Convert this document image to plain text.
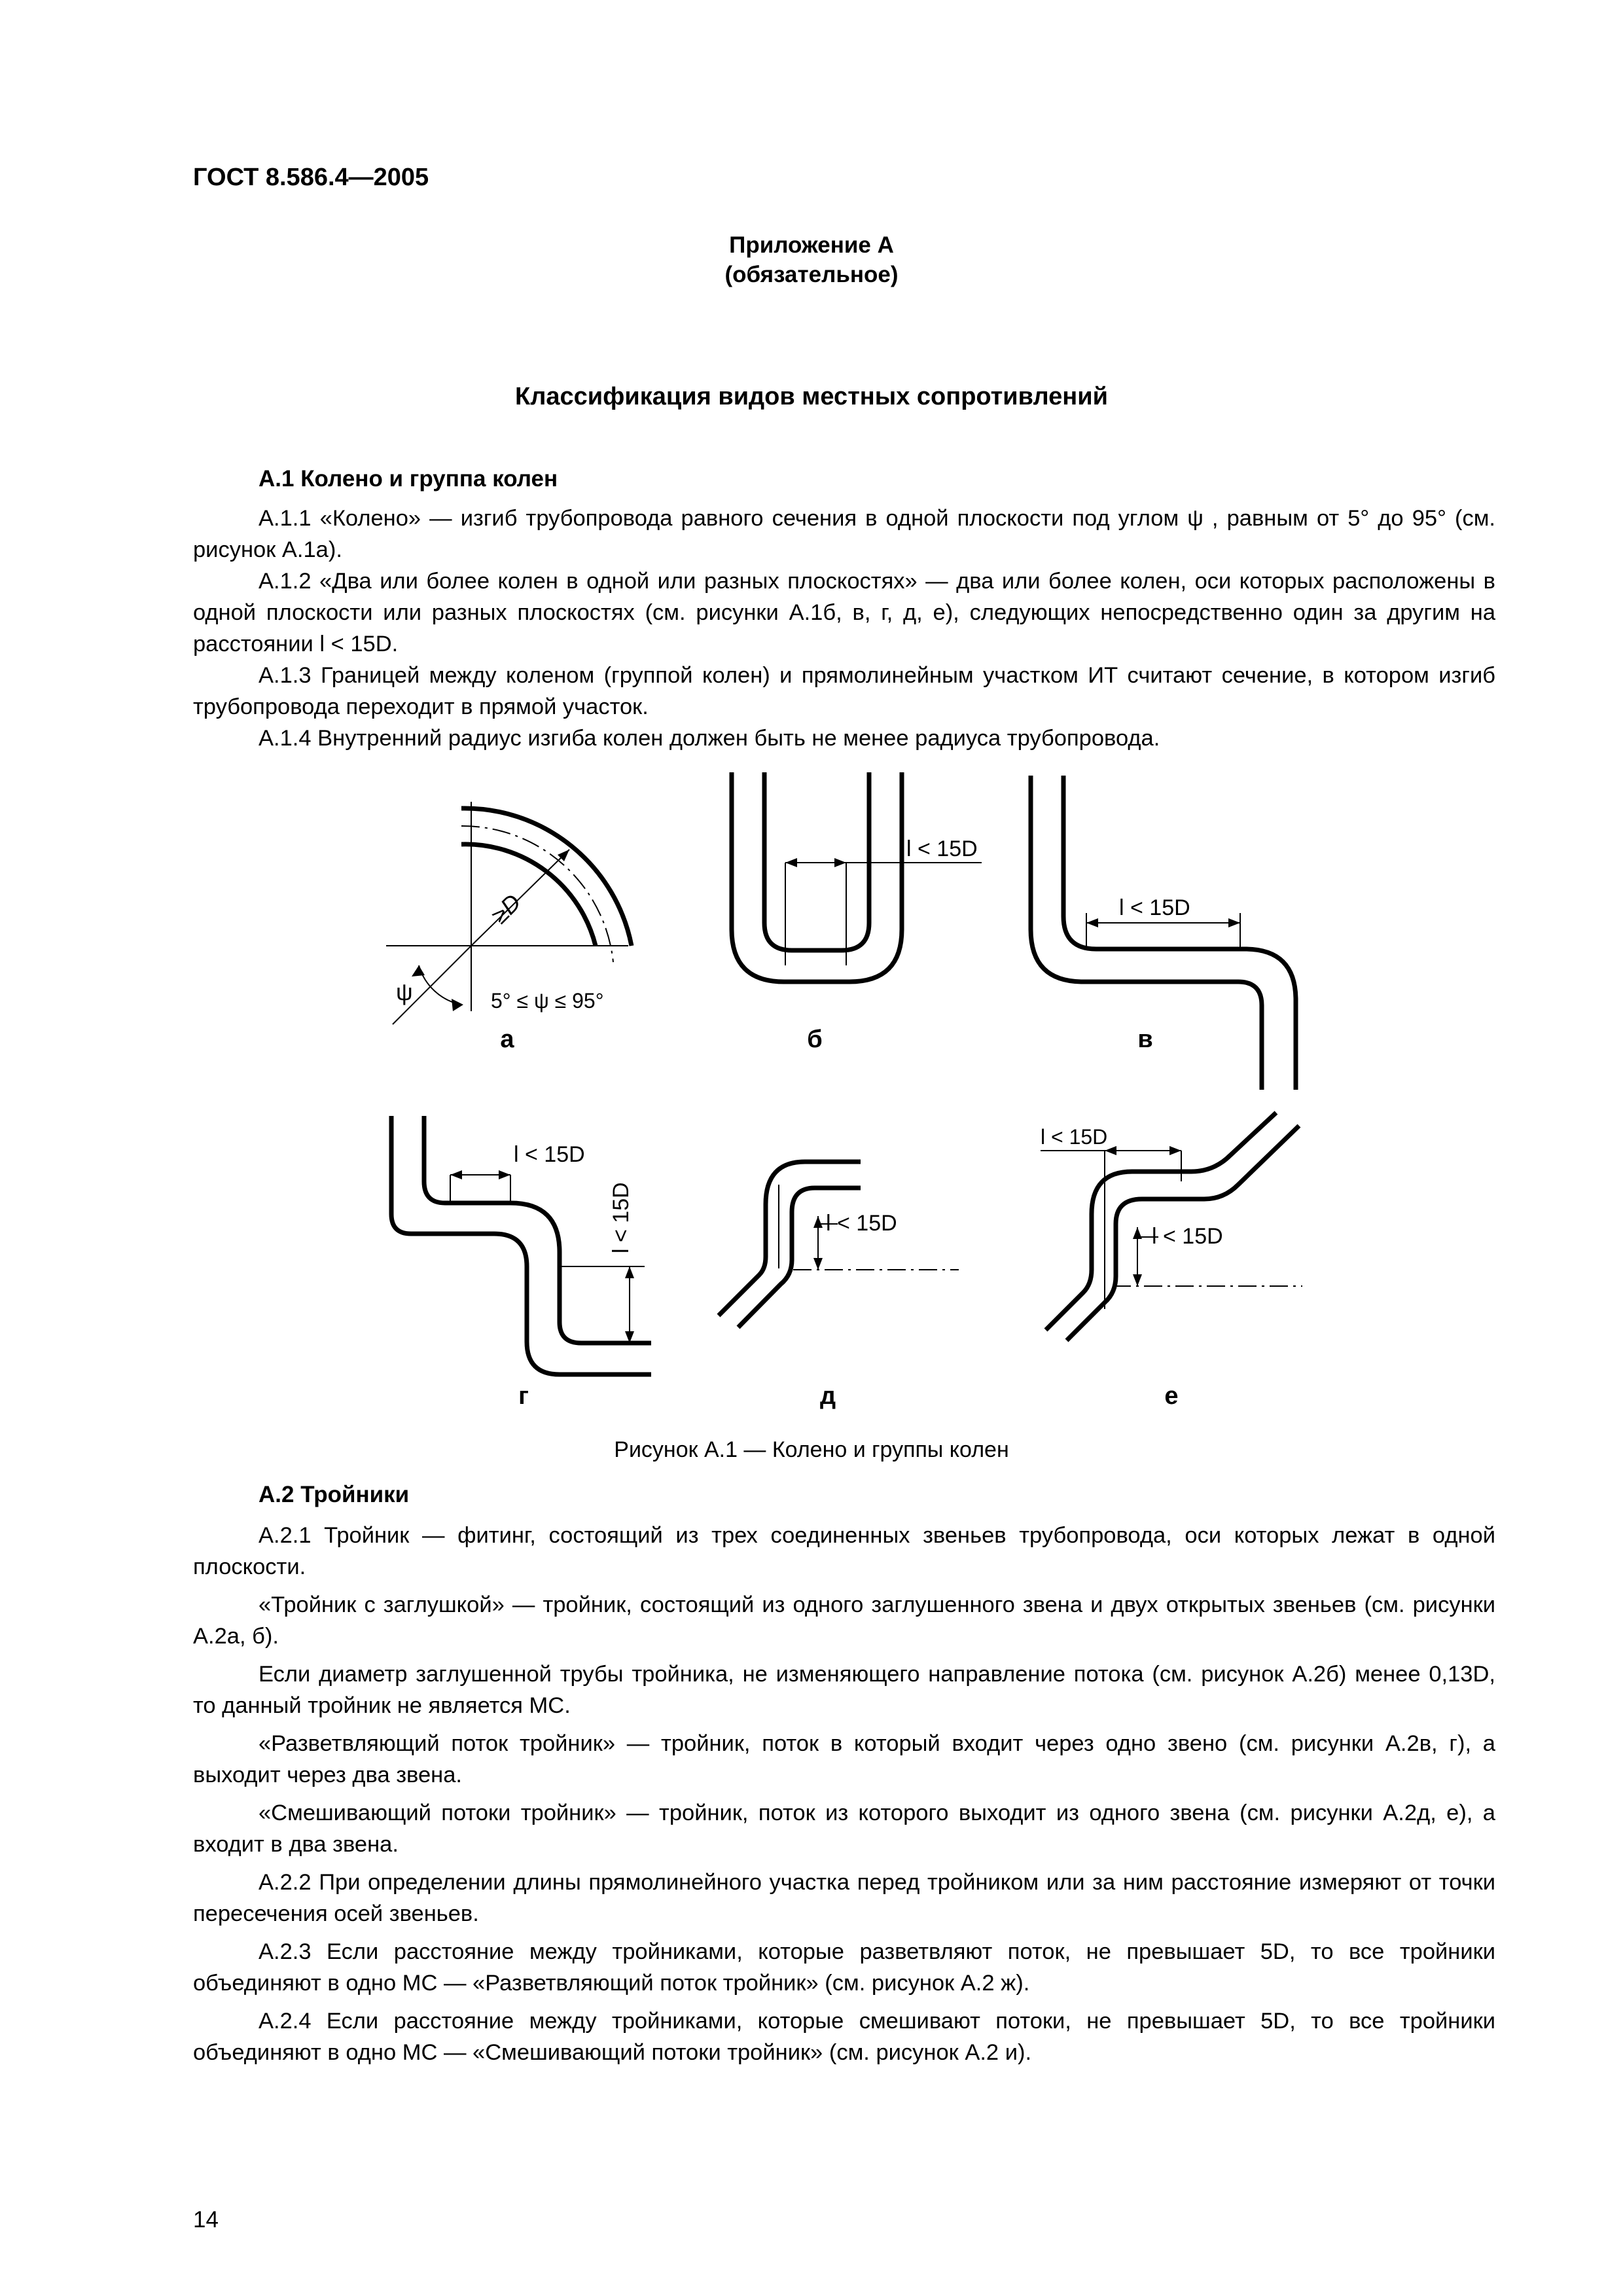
ГОСТ 8.586.4—2005
Приложение А
(обязательное)
Классификация видов местных сопротивлений
А.1 Колено и группа колен

А.1.1 «Колено» — изгиб трубопровода равного сечения в одной плоскости под углом ψ , равным от 5° до 95° (см. рисунок А.1а).

А.1.2 «Два или более колен в одной или разных плоскостях» — два или более колен, оси которых расположены в одной плоскости или разных плоскостях (см. рисунки А.1б, в, г, д, е), следующих непосредственно один за другим на расстоянии l < 15D.

А.1.3 Границей между коленом (группой колен) и прямолинейным участком ИТ считают сечение, в котором изгиб трубопровода переходит в прямой участок.

А.1.4 Внутренний радиус изгиба колен должен быть не менее радиуса трубопровода.

≥D
ψ	5° ≤ ψ ≤ 95°
а
l < 15D
б
l < 15D
в
l < 15D
l < 15D
г
l < 15D
д
l < 15D
l < 15D
е
Рисунок А.1 — Колено и группы колен
А.2 Тройники

А.2.1 Тройник — фитинг, состоящий из трех соединенных звеньев трубопровода, оси которых лежат в одной плоскости.

«Тройник с заглушкой» — тройник, состоящий из одного заглушенного звена и двух открытых звеньев (см. рисунки А.2а, б).

Если диаметр заглушенной трубы тройника, не изменяющего направление потока (см. рисунок А.2б) менее 0,13D, то данный тройник не является МС.

«Разветвляющий поток тройник» — тройник, поток в который входит через одно звено (см. рисунки А.2в, г), а выходит через два звена.

«Смешивающий потоки тройник» — тройник, поток из которого выходит из одного звена (см. рисунки А.2д, е), а входит в два звена.

А.2.2 При определении длины прямолинейного участка перед тройником или за ним расстояние измеряют от точки пересечения осей звеньев.

А.2.3 Если расстояние между тройниками, которые разветвляют поток, не превышает 5D, то все тройники объединяют в одно МС — «Разветвляющий поток тройник» (см. рисунок А.2 ж).

А.2.4 Если расстояние между тройниками, которые смешивают потоки, не превышает 5D, то все тройники объединяют в одно МС — «Смешивающий потоки тройник» (см. рисунок А.2 и).

14
